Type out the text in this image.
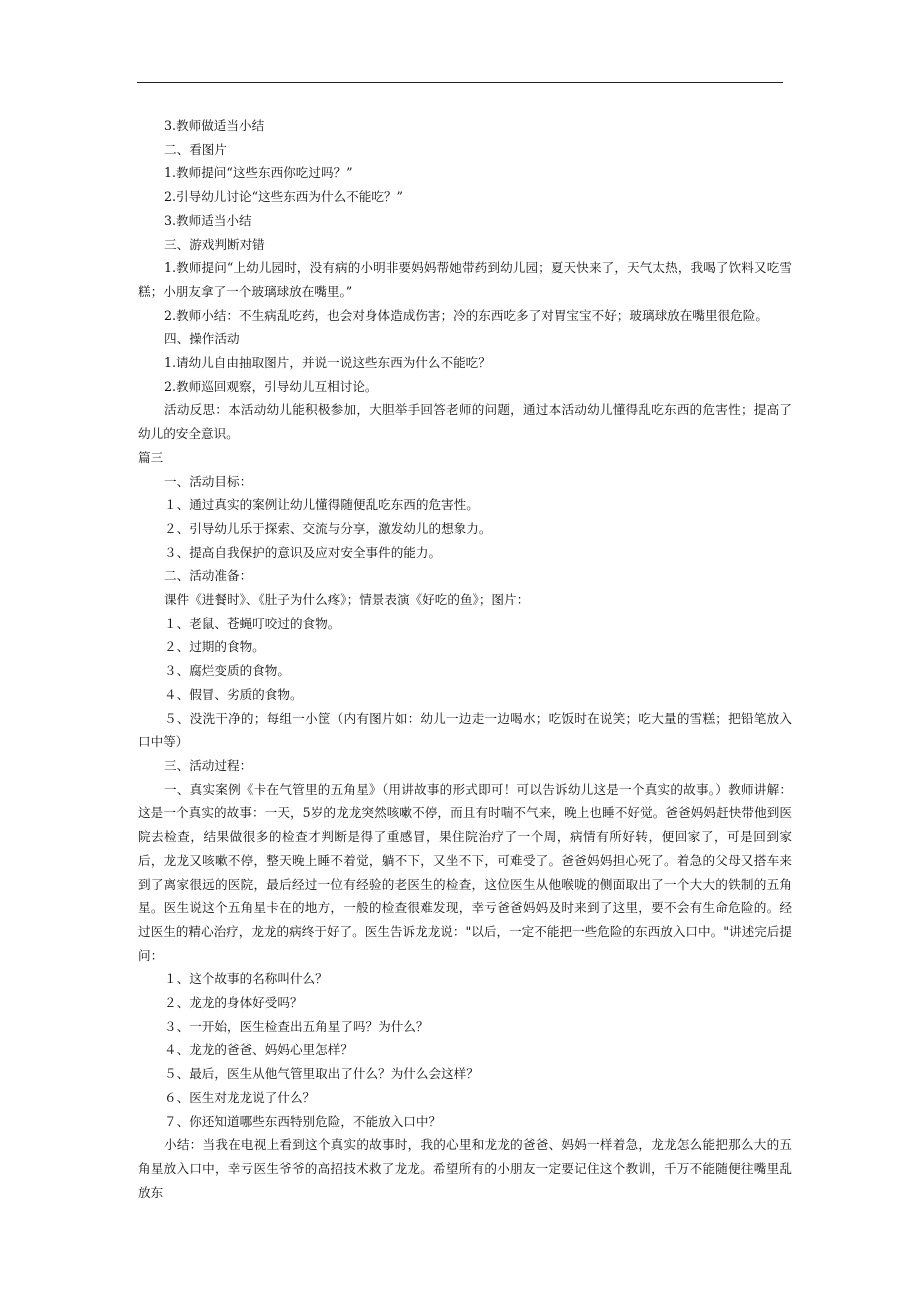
3.教师做适当小结

二、看图片

1.教师提问“这些东西你吃过吗？”

2.引导幼儿讨论“这些东西为什么不能吃？”

3.教师适当小结

三、游戏判断对错

1.教师提问“上幼儿园时，没有病的小明非要妈妈帮她带药到幼儿园；夏天快来了，天气太热，我喝了饮料又吃雪糕；小朋友拿了一个玻璃球放在嘴里。”

2.教师小结：不生病乱吃药，也会对身体造成伤害；冷的东西吃多了对胃宝宝不好；玻璃球放在嘴里很危险。

四、操作活动

1.请幼儿自由抽取图片，并说一说这些东西为什么不能吃？

2.教师巡回观察，引导幼儿互相讨论。

活动反思：本活动幼儿能积极参加，大胆举手回答老师的问题，通过本活动幼儿懂得乱吃东西的危害性；提高了幼儿的安全意识。

篇三

一、活动目标：

１、通过真实的案例让幼儿懂得随便乱吃东西的危害性。

２、引导幼儿乐于探索、交流与分享，激发幼儿的想象力。

３、提高自我保护的意识及应对安全事件的能力。

二、活动准备：

课件《进餐时》、《肚子为什么疼》；情景表演《好吃的鱼》；图片：

１、老鼠、苍蝇叮咬过的食物。

２、过期的食物。

３、腐烂变质的食物。

４、假冒、劣质的食物。

５、没洗干净的；每组一小筐（内有图片如：幼儿一边走一边喝水；吃饭时在说笑；吃大量的雪糕；把铅笔放入口中等）

三、活动过程：

一、真实案例《卡在气管里的五角星》（用讲故事的形式即可！可以告诉幼儿这是一个真实的故事。）教师讲解：这是一个真实的故事：一天，5岁的龙龙突然咳嗽不停，而且有时喘不气来，晚上也睡不好觉。爸爸妈妈赶快带他到医院去检查，结果做很多的检查才判断是得了重感冒，果住院治疗了一个周，病情有所好转，便回家了，可是回到家后，龙龙又咳嗽不停，整天晚上睡不着觉，躺不下，又坐不下，可难受了。爸爸妈妈担心死了。着急的父母又搭车来到了离家很远的医院，最后经过一位有经验的老医生的检查，这位医生从他喉咙的侧面取出了一个大大的铁制的五角星。医生说这个五角星卡在的地方，一般的检查很难发现，幸亏爸爸妈妈及时来到了这里，要不会有生命危险的。经过医生的精心治疗，龙龙的病终于好了。医生告诉龙龙说："以后，一定不能把一些危险的东西放入口中。"讲述完后提问：

１、这个故事的名称叫什么？

２、龙龙的身体好受吗？

３、一开始，医生检查出五角星了吗？为什么？

４、龙龙的爸爸、妈妈心里怎样？

５、最后，医生从他气管里取出了什么？为什么会这样？

６、医生对龙龙说了什么？

７、你还知道哪些东西特别危险，不能放入口中？

小结：当我在电视上看到这个真实的故事时，我的心里和龙龙的爸爸、妈妈一样着急，龙龙怎么能把那么大的五角星放入口中，幸亏医生爷爷的高招技术救了龙龙。希望所有的小朋友一定要记住这个教训，千万不能随便往嘴里乱放东
